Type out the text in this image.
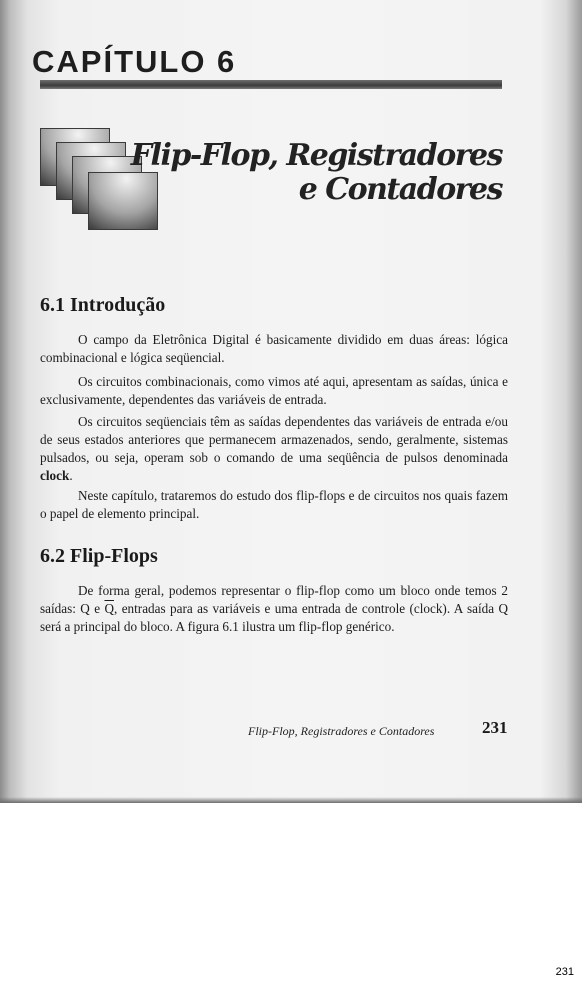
CAPÍTULO 6
Flip-Flop, Registradores
e Contadores
6.1 Introdução
O campo da Eletrônica Digital é basicamente dividido em duas áreas: lógica combinacional e lógica seqüencial.
Os circuitos combinacionais, como vimos até aqui, apresentam as saídas, única e exclusivamente, dependentes das variáveis de entrada.
Os circuitos seqüenciais têm as saídas dependentes das variáveis de entrada e/ou de seus estados anteriores que permanecem armazenados, sendo, geralmente, sistemas pulsados, ou seja, operam sob o comando de uma seqüência de pulsos denominada clock.
Neste capítulo, trataremos do estudo dos flip-flops e de circuitos nos quais fazem o papel de elemento principal.
6.2 Flip-Flops
De forma geral, podemos representar o flip-flop como um bloco onde temos 2 saídas: Q e $\overline{Q}$, entradas para as variáveis e uma entrada de controle (clock). A saída Q será a principal do bloco. A figura 6.1 ilustra um flip-flop genérico.
Flip-Flop, Registradores e Contadores	231
231
